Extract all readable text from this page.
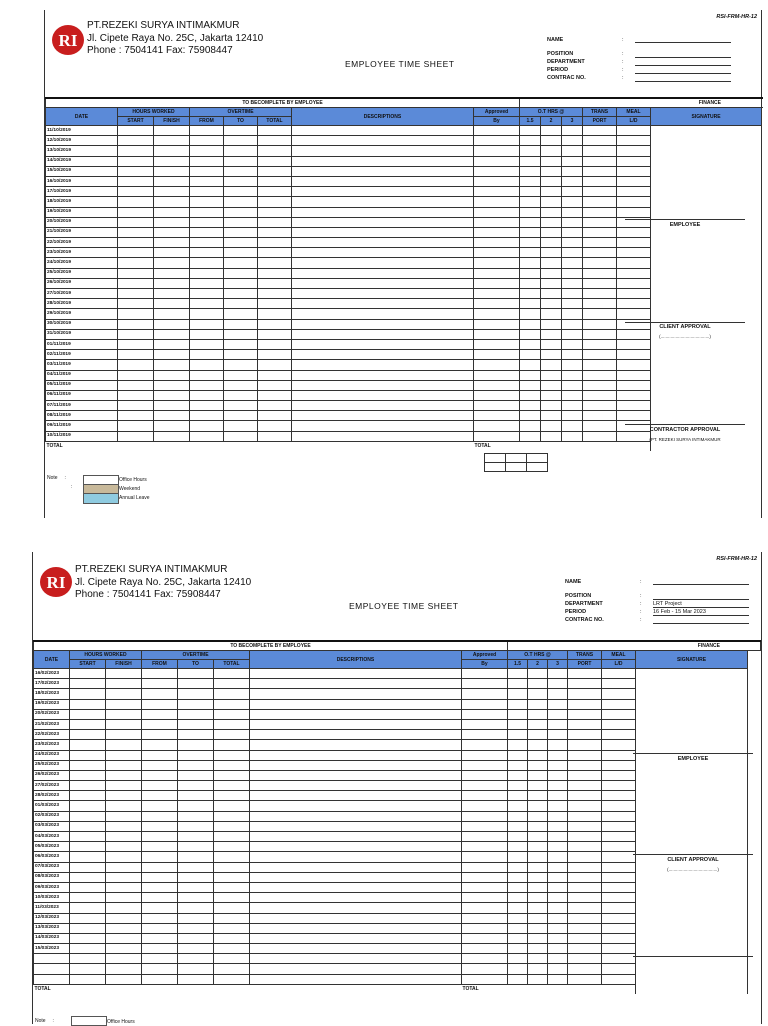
RI
PT.REZEKI SURYA INTIMAKMUR
Jl. Cipete Raya No. 25C, Jakarta 12410
Phone : 7504141 Fax: 75908447
RSI-FRM-HR-12
EMPLOYEE TIME SHEET
NAME	:
POSITION	:
DEPARTMENT	:
PERIOD	:
CONTRAC NO.	:
TO BECOMPLETE BY EMPLOYEE								FINANCE					
DATE	HOURS WORKED		OVERTIME			DESCRIPTIONS	Approved	O.T HRS @			TRANS	MEAL	SIGNATURE
	START	FINISH	FROM	TO	TOTAL		By	1.5	2	3	PORT	L/D	
11/10/2019													
12/10/2019													
13/10/2019													
14/10/2019													
15/10/2019													
16/10/2019													
17/10/2019													
18/10/2019													
19/10/2019													
20/10/2019													
21/10/2019													
22/10/2019													
23/10/2019													
24/10/2019													
25/10/2019													
26/10/2019													
27/10/2019													
28/10/2019													
29/10/2019													
30/10/2019													
31/10/2019													
01/11/2019													
02/11/2019													
03/11/2019													
04/11/2019													
05/11/2019													
06/11/2019													
07/11/2019													
08/11/2019													
09/11/2019													
10/11/2019													
TOTAL							TOTAL						
EMPLOYEE
CLIENT APPROVAL
(.......................................)
CONTRACTOR APPROVAL
(PT. REZEKI SURYA INTIMAKMUR

Note :
:
Office Hours
Weekend
Annual Leave
RSI-FRM-HR-12
RI
PT.REZEKI SURYA INTIMAKMUR
Jl. Cipete Raya No. 25C, Jakarta 12410
Phone : 7504141 Fax: 75908447
EMPLOYEE TIME SHEET
NAME	:
POSITION	:
DEPARTMENT	: LRT Project
PERIOD	: 16 Feb - 15 Mar 2023
CONTRAC NO.	:
TO BECOMPLETE BY EMPLOYEE								FINANCE					
DATE	HOURS WORKED		OVERTIME			DESCRIPTIONS	Approved	O.T HRS @			TRANS	MEAL	SIGNATURE
	START	FINISH	FROM	TO	TOTAL		By	1.5	2	3	PORT	L/D	
16/02/2023													
17/02/2023													
18/02/2023													
19/02/2023													
20/02/2023													
21/02/2023													
22/02/2023													
23/02/2023													
24/02/2023													
25/02/2023													
26/02/2023													
27/02/2023													
28/02/2023													
01/03/2023													
02/03/2023													
03/03/2023													
04/03/2023													
05/03/2023													
06/03/2023													
07/03/2023													
08/03/2023													
09/03/2023													
10/03/2023													
11/03/2023													
12/03/2023													
13/03/2023													
14/03/2023													
15/03/2023													

TOTAL							TOTAL						
EMPLOYEE
CLIENT APPROVAL
(.......................................)
Note :	Office Hours
